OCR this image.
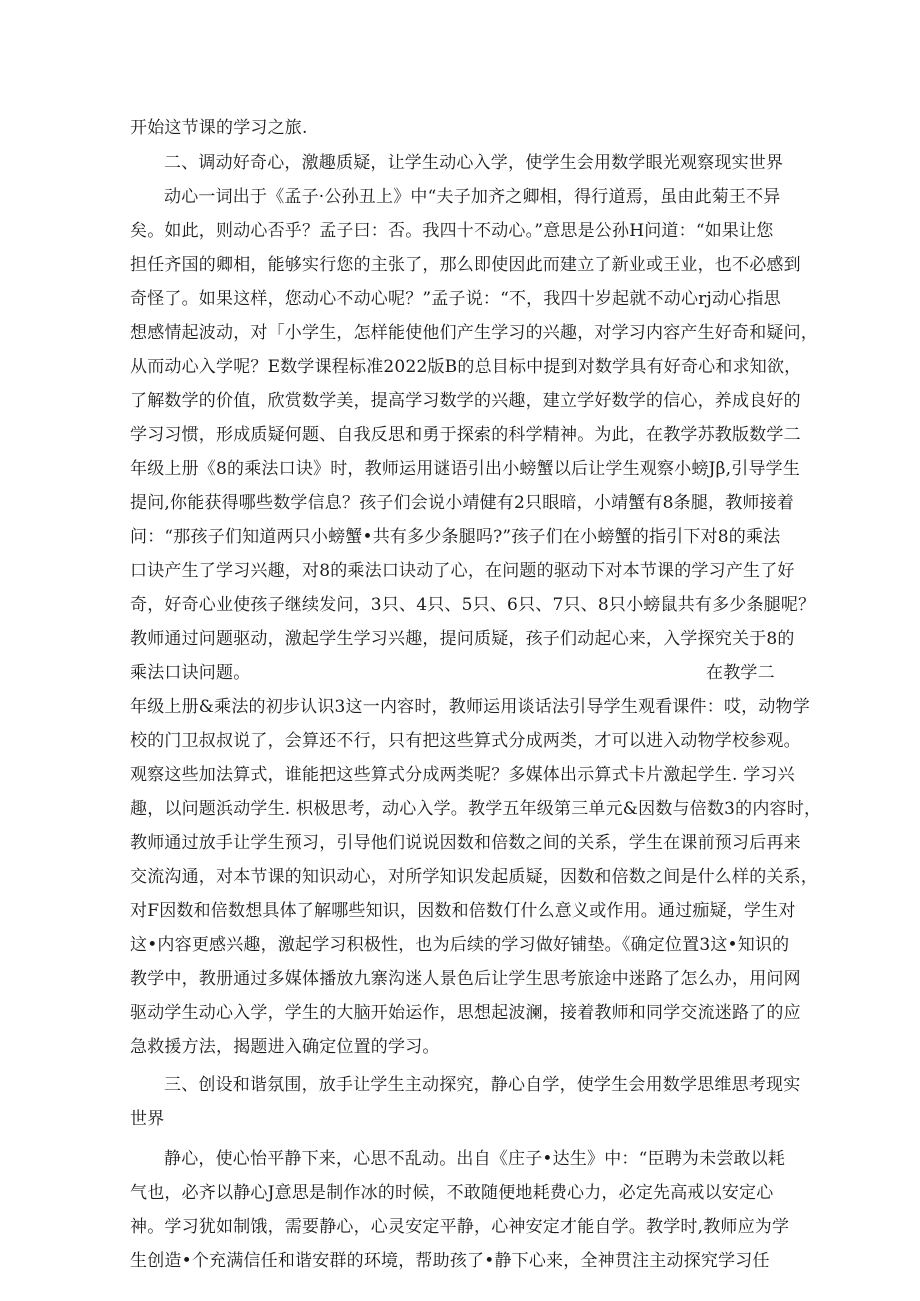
开始这节课的学习之旅.
二、调动好奇心，激趣质疑，让学生动心入学，使学生会用数学眼光观察现实世界
动心一词出于《孟子·公孙丑上》中“夫子加齐之卿相，得行道焉，虽由此菊王不异
矣。如此，则动心否乎？孟子曰：否。我四十不动心。”意思是公孙H问道：“如果让您
担任齐国的卿相，能够实行您的主张了，那么即使因此而建立了新业或王业，也不必感到
奇怪了。如果这样，您动心不动心呢？”孟子说：“不，我四十岁起就不动心rj动心指思
想感情起波动，对「小学生，怎样能使他们产生学习的兴趣，对学习内容产生好奇和疑问，
从而动心入学呢？E数学课程标准2022版B的总目标中提到对数学具有好奇心和求知欲，
了解数学的价值，欣赏数学美，提高学习数学的兴趣，建立学好数学的信心，养成良好的
学习习惯，形成质疑何题、自我反思和勇于探索的科学精神。为此，在教学苏教版数学二
年级上册《8的乘法口诀》时，教师运用谜语引出小螃蟹以后让学生观察小螃Jβ,引导学生
提问,你能获得哪些数学信息？孩子们会说小靖健有2只眼暗，小靖蟹有8条腿，教师接着
问：“那孩子们知道两只小螃蟹•共有多少条腿吗?”孩子们在小螃蟹的指引下对8的乘法
口诀产生了学习兴趣，对8的乘法口诀动了心，在问题的驱动下对本节课的学习产生了好
奇，好奇心业使孩子继续发问，3只、4只、5只、6只、7只、8只小螃鼠共有多少条腿呢？
教师通过问题驱动，激起学生学习兴趣，提问质疑，孩子们动起心来，入学探究关于8的
乘法口诀问题。	在教学二
年级上册&乘法的初步认识3这一内容时，教师运用谈话法引导学生观看课件：哎，动物学
校的门卫叔叔说了，会算还不行，只有把这些算式分成两类，才可以进入动物学校参观。
观察这些加法算式，谁能把这些算式分成两类呢？多媒体出示算式卡片激起学生. 学习兴
趣，以问题浜动学生. 枳极思考，动心入学。教学五年级第三单元&因数与倍数3的内容时，
教师通过放手让学生预习，引导他们说说因数和倍数之间的关系，学生在课前预习后再来
交流沟通，对本节课的知识动心，对所学知识发起质疑，因数和倍数之间是什么样的关系，
对F因数和倍数想具体了解哪些知识，因数和倍数仃什么意义或作用。通过痂疑，学生对
这•内容更感兴趣，激起学习积极性，也为后续的学习做好铺垫。《确定位置3这•知识的
教学中，教册通过多媒体播放九寨沟迷人景色后让学生思考旅途中迷路了怎么办，用问网
驱动学生动心入学，学生的大脑开始运作，思想起波澜，接着教师和同学交流迷路了的应
急救援方法，揭题进入确定位置的学习。
三、创设和谐氛围，放手让学生主动探究，静心自学，使学生会用数学思维思考现实
世界
静心，使心怡平静下来，心思不乱动。出自《庄子•达生》中：“臣聘为未尝敢以耗
气也，必齐以静心J意思是制作冰的时候，不敢随便地耗费心力，必定先高戒以安定心
神。学习犹如制饿，需要静心，心灵安定平静，心神安定才能自学。教学时,教师应为学
生创造•个充满信任和谐安群的环境，帮助孩了•静下心来，全神贯注主动探究学习任
